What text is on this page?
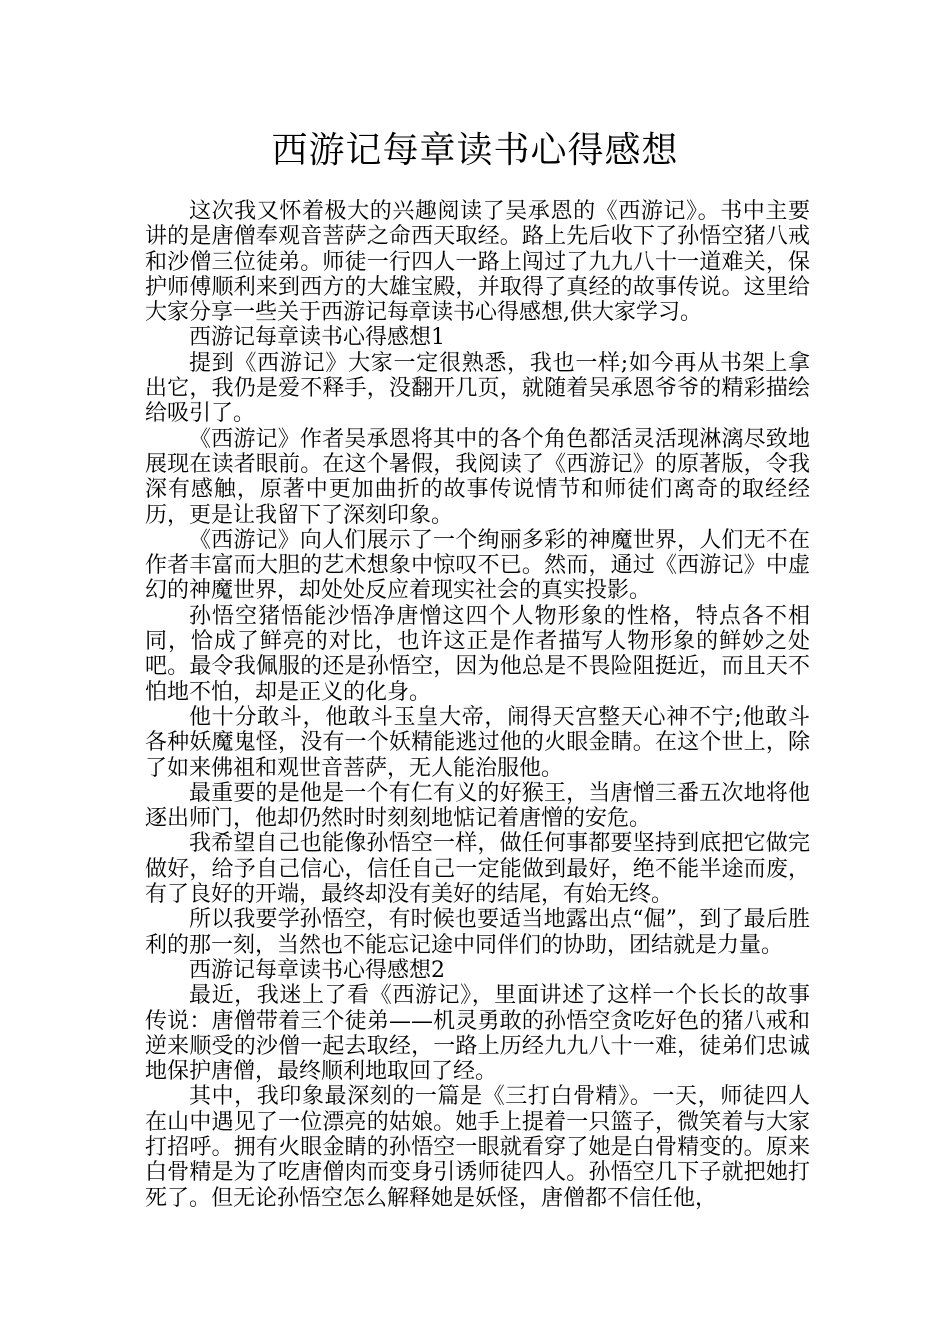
西游记每章读书心得感想

这次我又怀着极大的兴趣阅读了吴承恩的《西游记》。书中主要讲的是唐僧奉观音菩萨之命西天取经。路上先后收下了孙悟空猪八戒和沙僧三位徒弟。师徒一行四人一路上闯过了九九八十一道难关，保护师傅顺利来到西方的大雄宝殿，并取得了真经的故事传说。这里给大家分享一些关于西游记每章读书心得感想,供大家学习。

西游记每章读书心得感想1

提到《西游记》大家一定很熟悉，我也一样;如今再从书架上拿出它，我仍是爱不释手，没翻开几页，就随着吴承恩爷爷的精彩描绘给吸引了。

《西游记》作者吴承恩将其中的各个角色都活灵活现淋漓尽致地展现在读者眼前。在这个暑假，我阅读了《西游记》的原著版，令我深有感触，原著中更加曲折的故事传说情节和师徒们离奇的取经经历，更是让我留下了深刻印象。

《西游记》向人们展示了一个绚丽多彩的神魔世界，人们无不在作者丰富而大胆的艺术想象中惊叹不已。然而，通过《西游记》中虚幻的神魔世界，却处处反应着现实社会的真实投影。

孙悟空猪悟能沙悟净唐憎这四个人物形象的性格，特点各不相同，恰成了鲜亮的对比，也许这正是作者描写人物形象的鲜妙之处吧。最令我佩服的还是孙悟空，因为他总是不畏险阻挺近，而且天不怕地不怕，却是正义的化身。

他十分敢斗，他敢斗玉皇大帝，闹得天宫整天心神不宁;他敢斗各种妖魔鬼怪，没有一个妖精能逃过他的火眼金睛。在这个世上，除了如来佛祖和观世音菩萨，无人能治服他。

最重要的是他是一个有仁有义的好猴王，当唐憎三番五次地将他逐出师门，他却仍然时时刻刻地惦记着唐憎的安危。

我希望自己也能像孙悟空一样，做任何事都要坚持到底把它做完做好，给予自己信心，信任自己一定能做到最好，绝不能半途而废，有了良好的开端，最终却没有美好的结尾，有始无终。

所以我要学孙悟空，有时候也要适当地露出点“倔”，到了最后胜利的那一刻，当然也不能忘记途中同伴们的协助，团结就是力量。

西游记每章读书心得感想2

最近，我迷上了看《西游记》，里面讲述了这样一个长长的故事传说：唐僧带着三个徒弟——机灵勇敢的孙悟空贪吃好色的猪八戒和逆来顺受的沙僧一起去取经，一路上历经九九八十一难，徒弟们忠诚地保护唐僧，最终顺利地取回了经。

其中，我印象最深刻的一篇是《三打白骨精》。一天，师徒四人在山中遇见了一位漂亮的姑娘。她手上提着一只篮子，微笑着与大家打招呼。拥有火眼金睛的孙悟空一眼就看穿了她是白骨精变的。原来白骨精是为了吃唐僧肉而变身引诱师徒四人。孙悟空几下子就把她打死了。但无论孙悟空怎么解释她是妖怪，唐僧都不信任他，
